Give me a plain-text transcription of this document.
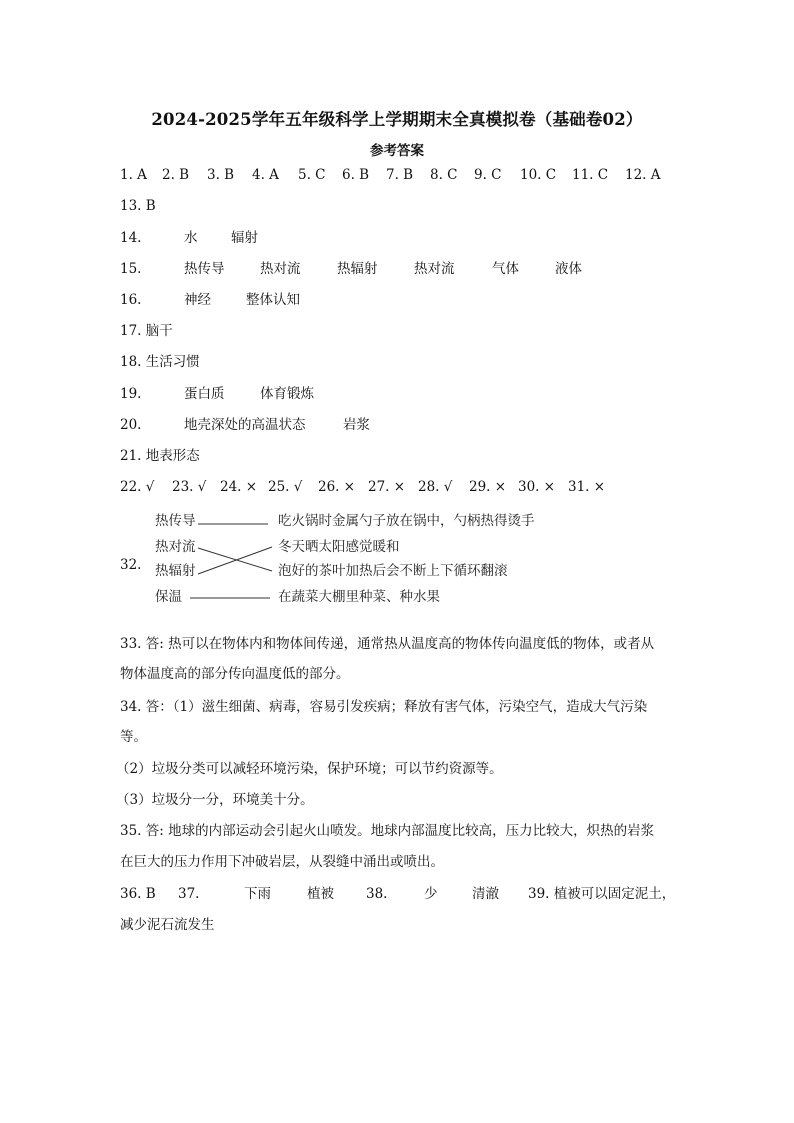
2024-2025学年五年级科学上学期期末全真模拟卷（基础卷02）
参考答案
1. A 2. B 3. B 4. A 5. C 6. B 7. B 8. C 9. C 10. C 11. C 12. A
13. B
14.	水 辐射
15.	热传导	热对流	热辐射	热对流	气体	液体
16.	神经	整体认知
17. 脑干
18. 生活习惯
19.	蛋白质	体育锻炼
20.	地壳深处的高温状态	岩浆
21. 地表形态
22. √ 23. √ 24. × 25. √ 26. × 27. × 28. √ 29. × 30. × 31. ×
32.
热传导
热对流
热辐射
保温
吃火锅时金属勺子放在锅中，勺柄热得烫手
冬天晒太阳感觉暖和
泡好的茶叶加热后会不断上下循环翻滚
在蔬菜大棚里种菜、种水果
33. 答: 热可以在物体内和物体间传递，通常热从温度高的物体传向温度低的物体，或者从
物体温度高的部分传向温度低的部分。
34. 答：（1）滋生细菌、病毒，容易引发疾病；释放有害气体，污染空气，造成大气污染
等。
（2）垃圾分类可以减轻环境污染，保护环境；可以节约资源等。
（3）垃圾分一分，环境美十分。
35. 答: 地球的内部运动会引起火山喷发。地球内部温度比较高，压力比较大，炽热的岩浆
在巨大的压力作用下冲破岩层，从裂缝中涌出或喷出。
36. B 37.	下雨	植被 38.	少	清澈 39. 植被可以固定泥土，
减少泥石流发生
